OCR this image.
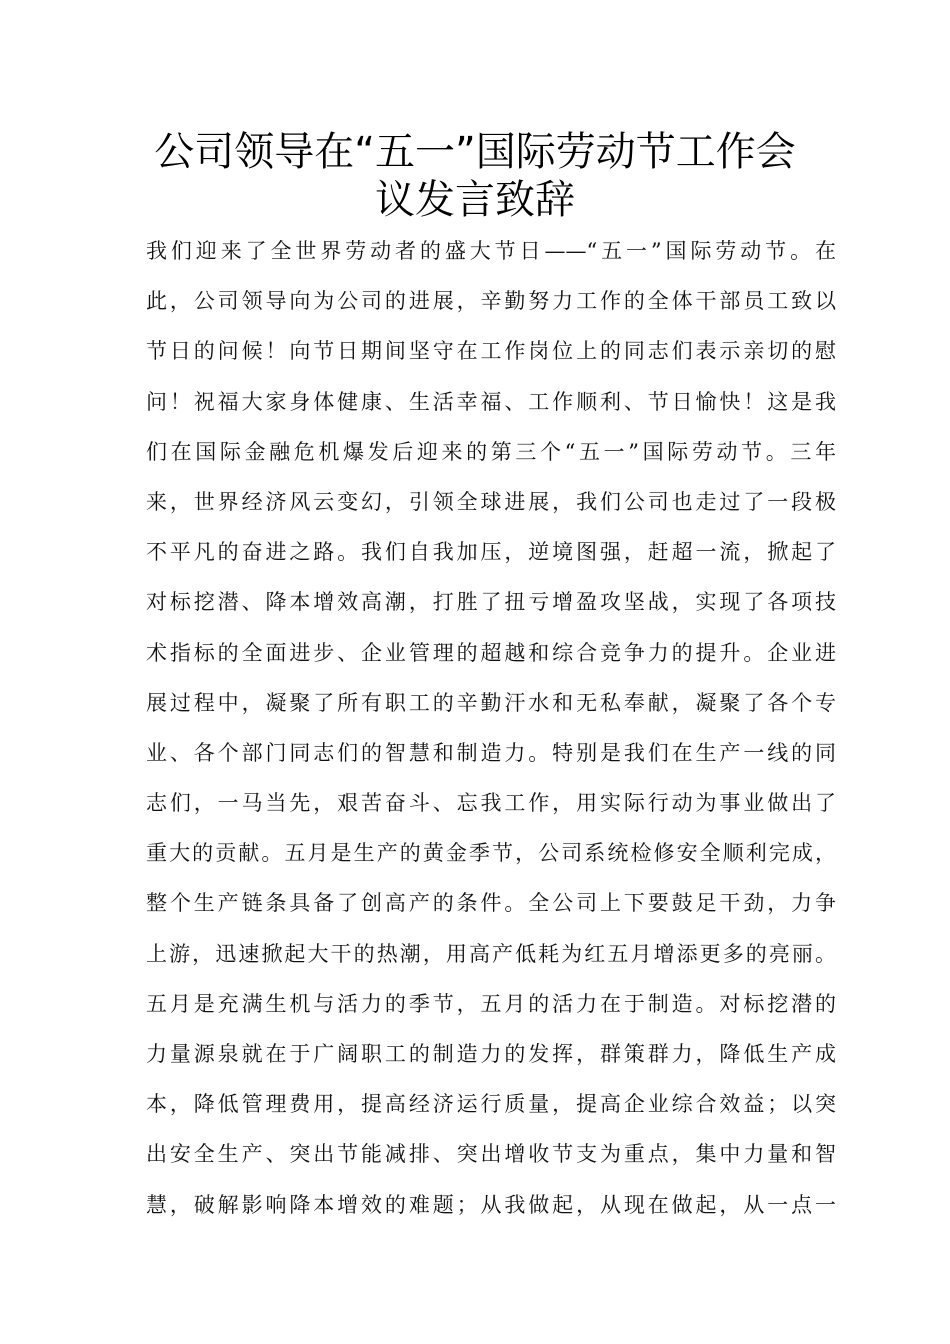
公司领导在“五一”国际劳动节工作会
议发言致辞
我们迎来了全世界劳动者的盛大节日——“五一”国际劳动节。在
此，公司领导向为公司的进展，辛勤努力工作的全体干部员工致以
节日的问候！向节日期间坚守在工作岗位上的同志们表示亲切的慰
问！祝福大家身体健康、生活幸福、工作顺利、节日愉快！这是我
们在国际金融危机爆发后迎来的第三个“五一”国际劳动节。三年
来，世界经济风云变幻，引领全球进展，我们公司也走过了一段极
不平凡的奋进之路。我们自我加压，逆境图强，赶超一流，掀起了
对标挖潜、降本增效高潮，打胜了扭亏增盈攻坚战，实现了各项技
术指标的全面进步、企业管理的超越和综合竞争力的提升。企业进
展过程中，凝聚了所有职工的辛勤汗水和无私奉献，凝聚了各个专
业、各个部门同志们的智慧和制造力。特别是我们在生产一线的同
志们，一马当先，艰苦奋斗、忘我工作，用实际行动为事业做出了
重大的贡献。五月是生产的黄金季节，公司系统检修安全顺利完成，
整个生产链条具备了创高产的条件。全公司上下要鼓足干劲，力争
上游，迅速掀起大干的热潮，用高产低耗为红五月增添更多的亮丽。
五月是充满生机与活力的季节，五月的活力在于制造。对标挖潜的
力量源泉就在于广阔职工的制造力的发挥，群策群力，降低生产成
本，降低管理费用，提高经济运行质量，提高企业综合效益；以突
出安全生产、突出节能减排、突出增收节支为重点，集中力量和智
慧，破解影响降本增效的难题；从我做起，从现在做起，从一点一
